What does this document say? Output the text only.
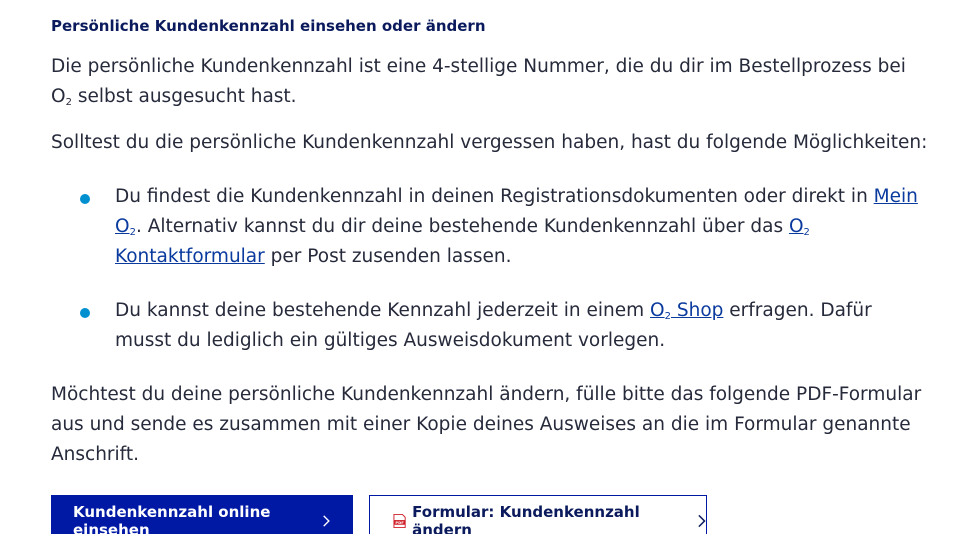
Persönliche Kundenkennzahl einsehen oder ändern

Die persönliche Kundenkennzahl ist eine 4-stellige Nummer, die du dir im Bestellprozess bei $O_2$ selbst ausgesucht hast.

Solltest du die persönliche Kundenkennzahl vergessen haben, hast du folgende Möglichkeiten:

Du findest die Kundenkennzahl in deinen Registrationsdokumenten oder direkt in Mein $O_2$. Alternativ kannst du dir deine bestehende Kundenkennzahl über das $O_2$ Kontaktformular per Post zusenden lassen.
Du kannst deine bestehende Kennzahl jederzeit in einem $O_2$ Shop erfragen. Dafür musst du lediglich ein gültiges Ausweisdokument vorlegen.

Möchtest du deine persönliche Kundenkennzahl ändern, fülle bitte das folgende PDF-Formular aus und sende es zusammen mit einer Kopie deines Ausweises an die im Formular genannte Anschrift.

Kundenkennzahl online einsehen	PDF
Formular: Kundenkennzahl ändern
